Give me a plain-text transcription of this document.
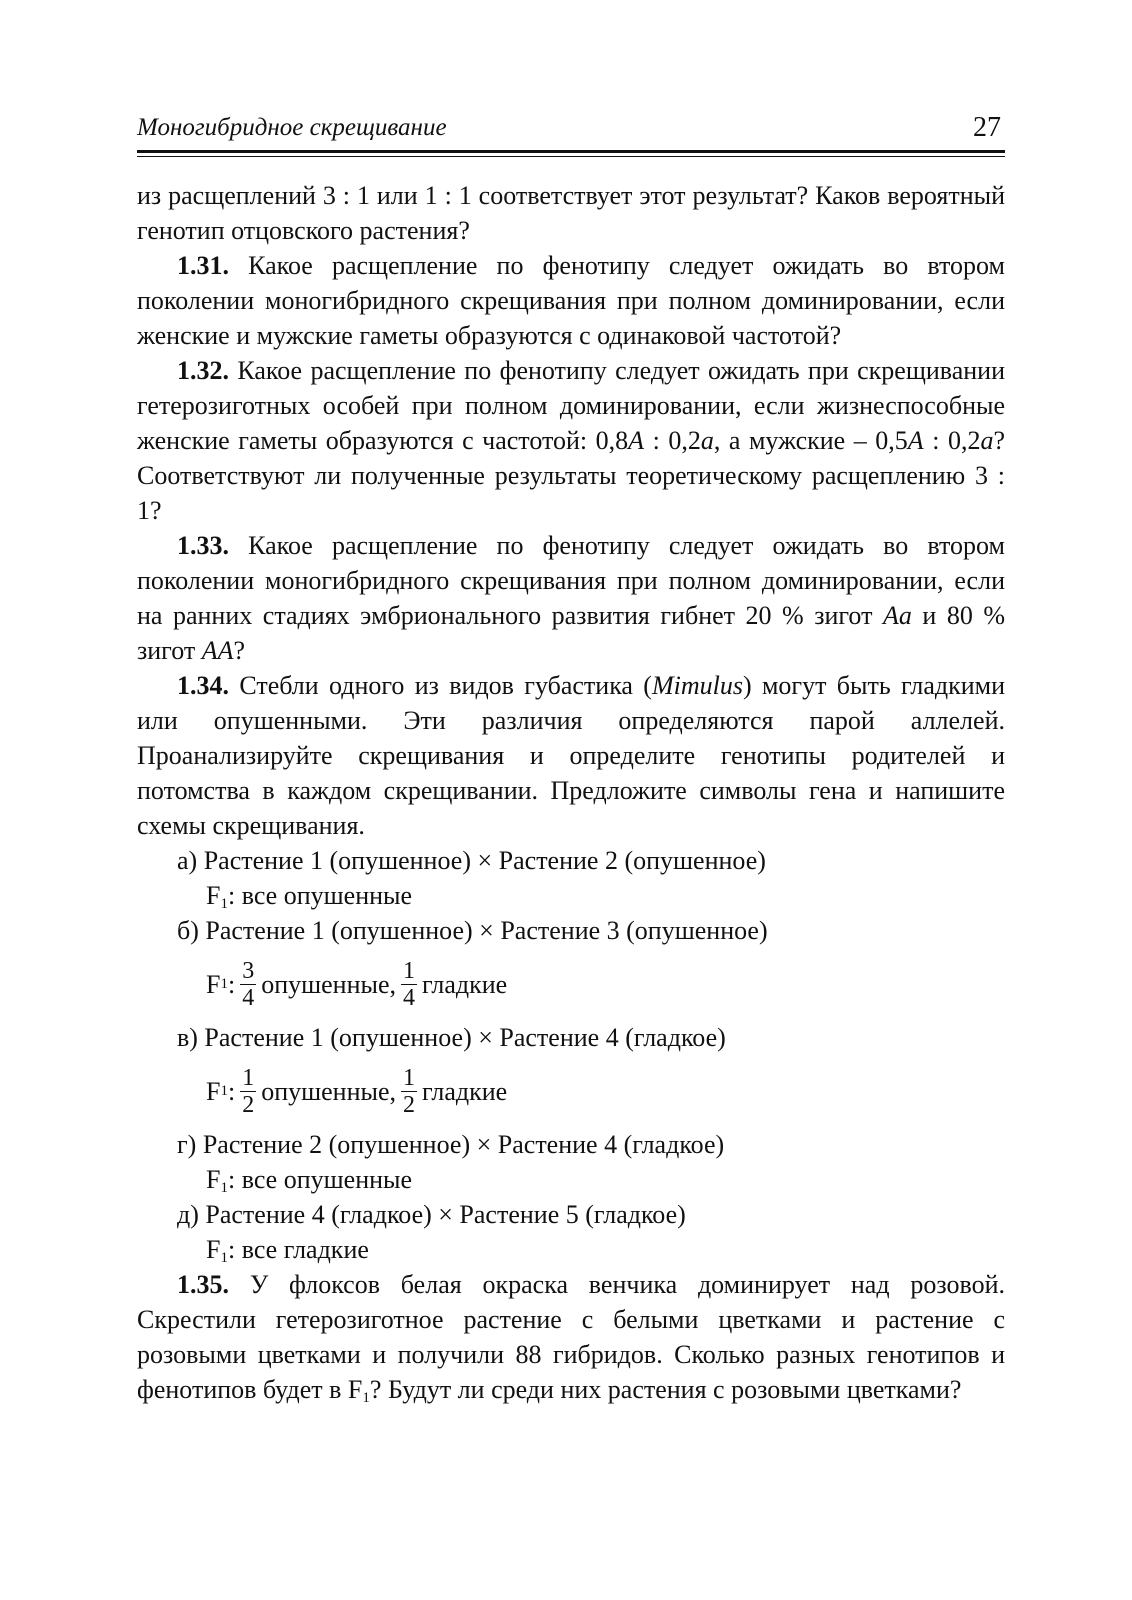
Моногибридное скрещивание	27

из расщеплений 3 : 1 или 1 : 1 соответствует этот результат? Каков вероятный генотип отцовского растения?

1.31. Какое расщепление по фенотипу следует ожидать во втором поколении моногибридного скрещивания при полном доминировании, если женские и мужские гаметы образуются с одинаковой частотой?

1.32. Какое расщепление по фенотипу следует ожидать при скрещивании гетерозиготных особей при полном доминировании, если жизнеспособные женские гаметы образуются с частотой: 0,8A : 0,2a, а мужские – 0,5A : 0,2a? Соответствуют ли полученные результаты теоретическому расщеплению 3 : 1?

1.33. Какое расщепление по фенотипу следует ожидать во втором поколении моногибридного скрещивания при полном доминировании, если на ранних стадиях эмбрионального развития гибнет 20 % зигот Aa и 80 % зигот AA?

1.34. Стебли одного из видов губастика (Mimulus) могут быть гладкими или опушенными. Эти различия определяются парой аллелей. Проанализируйте скрещивания и определите генотипы родителей и потомства в каждом скрещивании. Предложите символы гена и напишите схемы скрещивания.

а) Растение 1 (опушенное) × Растение 2 (опушенное)

$F_1$: все опушенные

б) Растение 1 (опушенное) × Растение 3 (опушенное)

F 1 : $\frac{3}{4}$ опушенные, $\frac{1}{4}$ гладкие

в) Растение 1 (опушенное) × Растение 4 (гладкое)

F 1 : $\frac{1}{2}$ опушенные, $\frac{1}{2}$ гладкие

г) Растение 2 (опушенное) × Растение 4 (гладкое)

$F_1$: все опушенные

д) Растение 4 (гладкое) × Растение 5 (гладкое)

$F_1$: все гладкие

1.35. У флоксов белая окраска венчика доминирует над розовой. Скрестили гетерозиготное растение с белыми цветками и растение с розовыми цветками и получили 88 гибридов. Сколько разных генотипов и фенотипов будет в $F_1$? Будут ли среди них растения с розовыми цветками?
